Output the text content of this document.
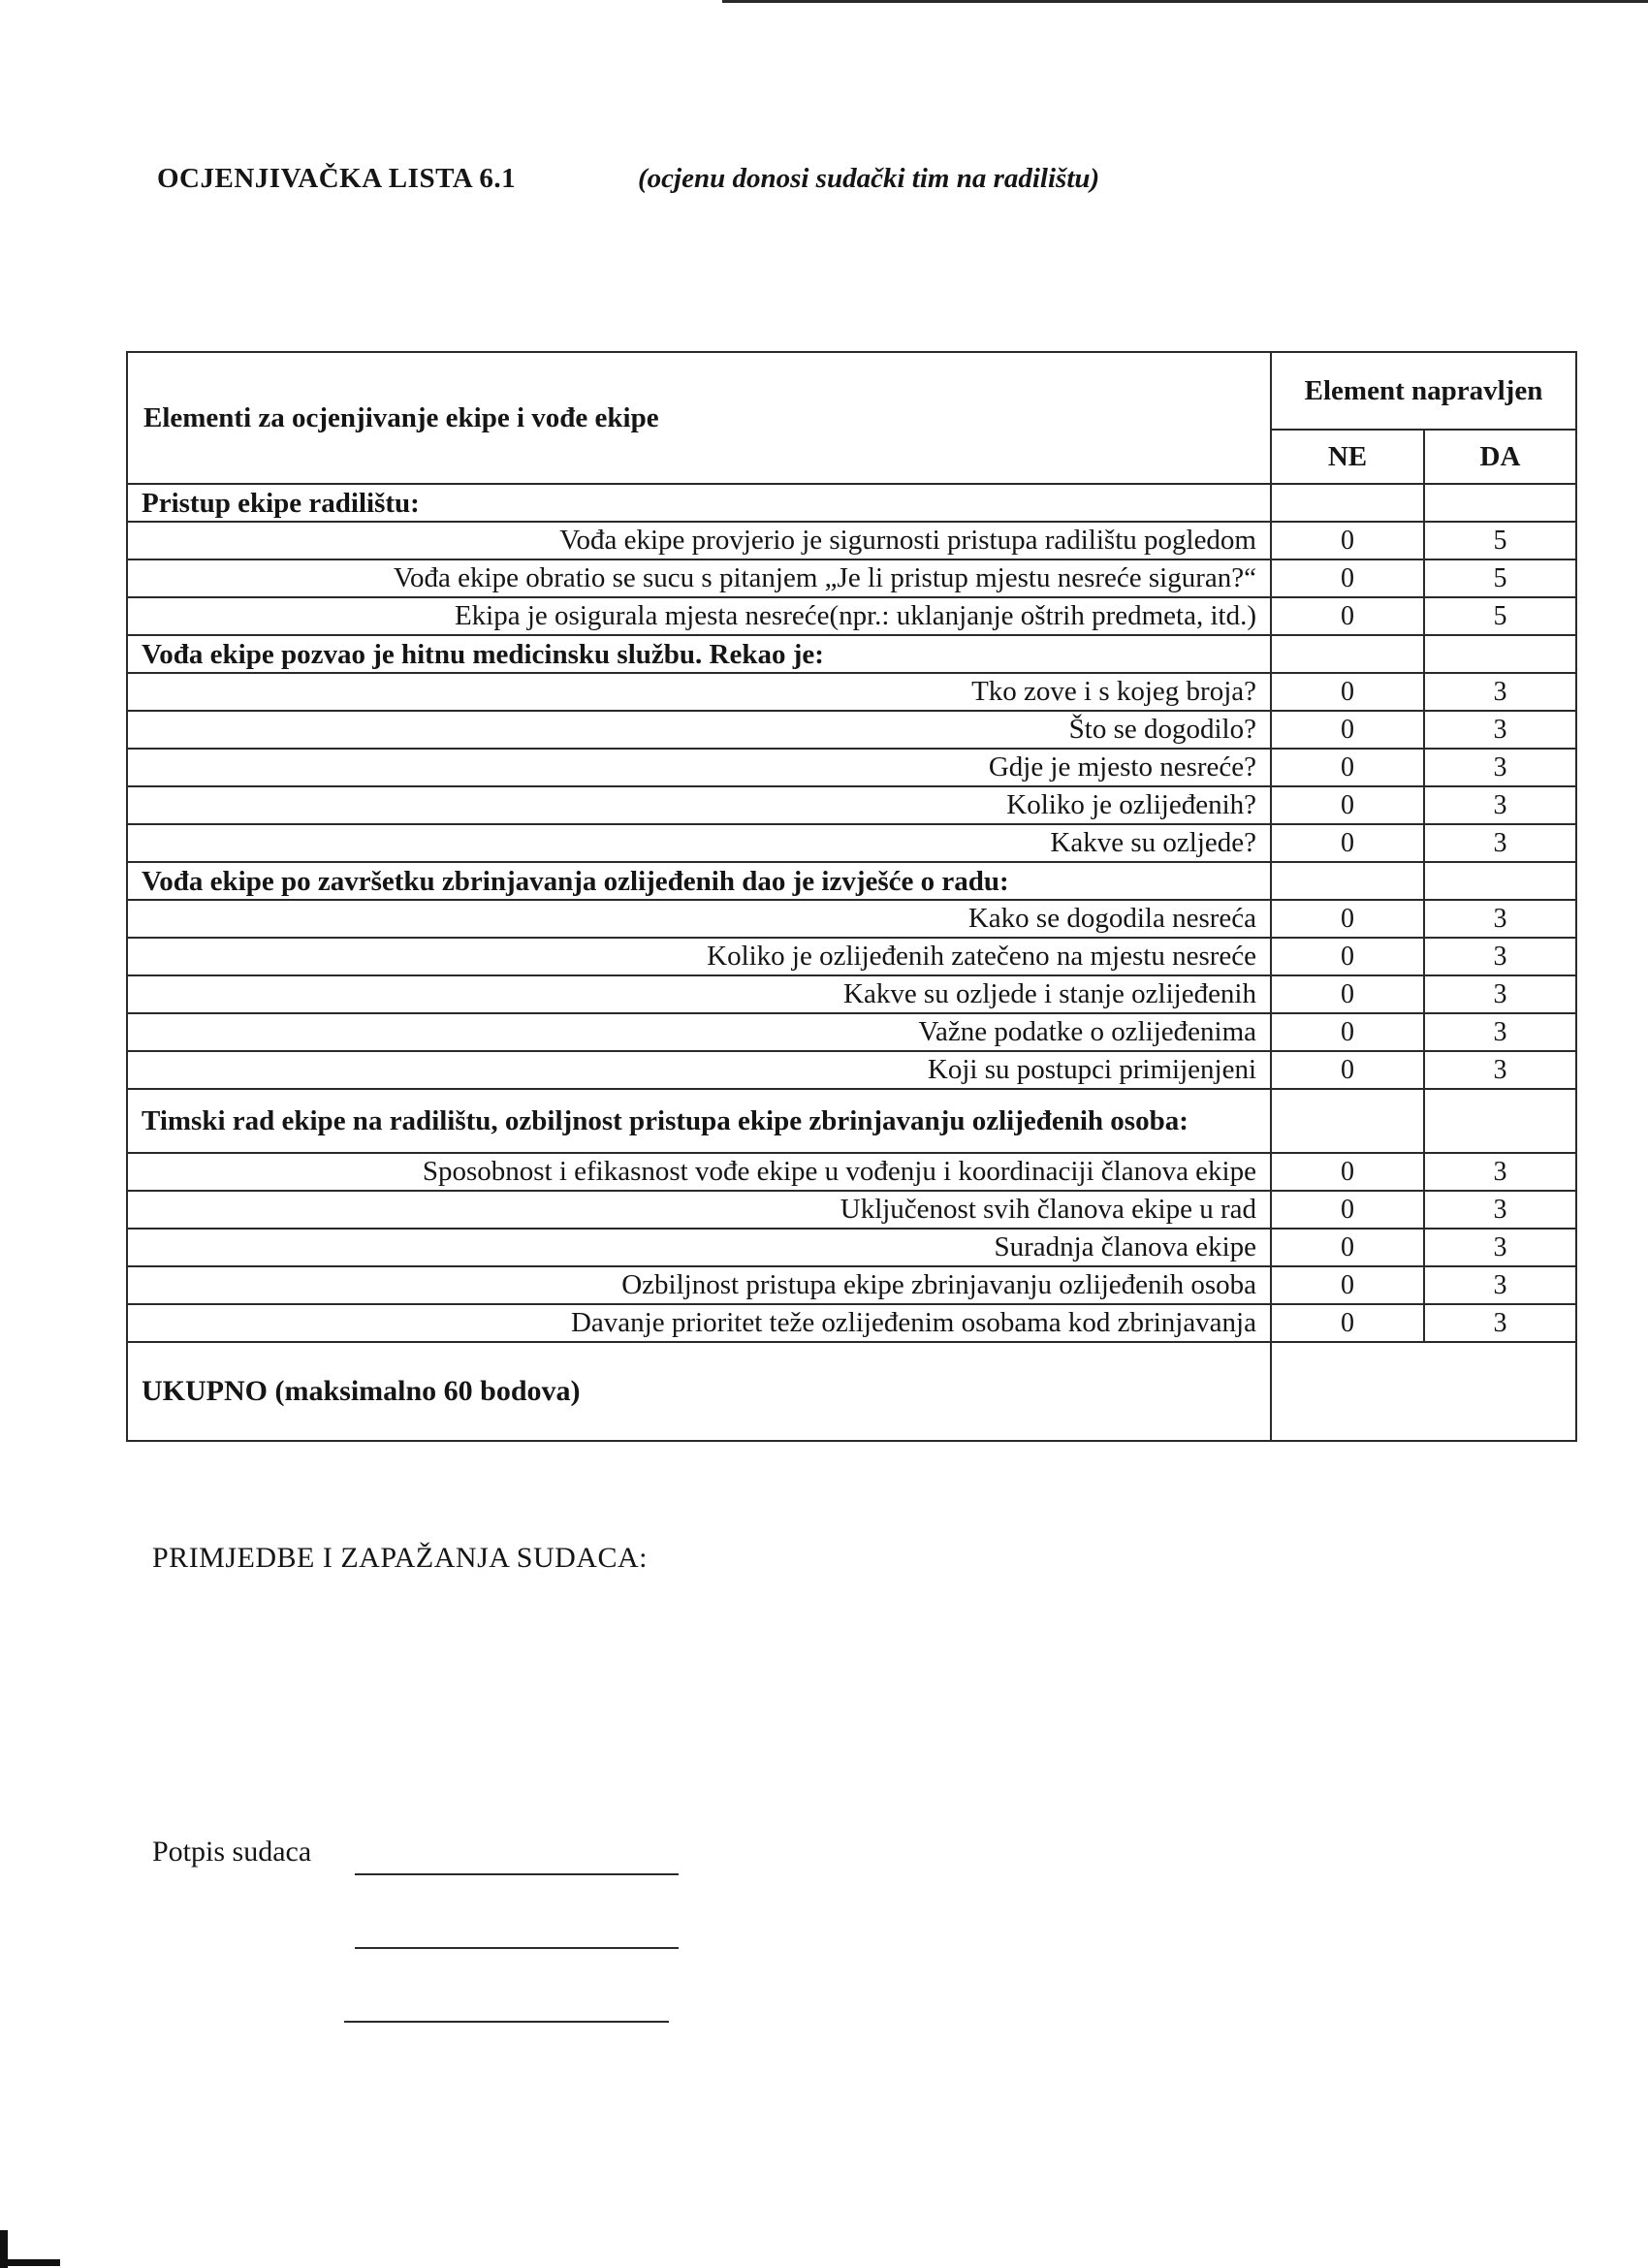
OCJENJIVAČKA LISTA 6.1	(ocjenu donosi sudački tim na radilištu)
Elementi za ocjenjivanje ekipe i vođe ekipe	Element napravljen	
	NE	DA
Pristup ekipe radilištu:		
Vođa ekipe provjerio je sigurnosti pristupa radilištu pogledom	0	5
Vođa ekipe obratio se sucu s pitanjem „Je li pristup mjestu nesreće siguran?“	0	5
Ekipa je osigurala mjesta nesreće(npr.: uklanjanje oštrih predmeta, itd.)	0	5
Vođa ekipe pozvao je hitnu medicinsku službu. Rekao je:		
Tko zove i s kojeg broja?	0	3
Što se dogodilo?	0	3
Gdje je mjesto nesreće?	0	3
Koliko je ozlijeđenih?	0	3
Kakve su ozljede?	0	3
Vođa ekipe po završetku zbrinjavanja ozlijeđenih dao je izvješće o radu:		
Kako se dogodila nesreća	0	3
Koliko je ozlijeđenih zatečeno na mjestu nesreće	0	3
Kakve su ozljede i stanje ozlijeđenih	0	3
Važne podatke o ozlijeđenima	0	3
Koji su postupci primijenjeni	0	3
Timski rad ekipe na radilištu, ozbiljnost pristupa ekipe zbrinjavanju ozlijeđenih osoba:		
Sposobnost i efikasnost vođe ekipe u vođenju i koordinaciji članova ekipe	0	3
Uključenost svih članova ekipe u rad	0	3
Suradnja članova ekipe	0	3
Ozbiljnost pristupa ekipe zbrinjavanju ozlijeđenih osoba	0	3
Davanje prioritet teže ozlijeđenim osobama kod zbrinjavanja	0	3
UKUPNO (maksimalno 60 bodova)		
PRIMJEDBE I ZAPAŽANJA SUDACA:
Potpis sudaca
